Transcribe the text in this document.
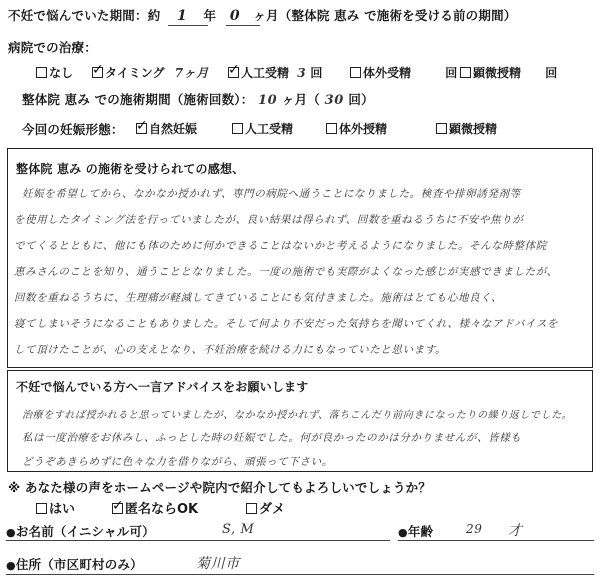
不妊で悩んでいた期間：約 1 年 0 ヶ月（整体院 恵み で施術を受ける前の期間）
病院での治療：
なし ✓	タイミング 7ヶ月 ✓	人工受精 3 回	体外受精	回	顕微授精 回
整体院 恵み での施術期間（施術回数）： 10 ヶ月（ 30 回）
今回の妊娠形態： ✓	自然妊娠	人工受精	体外授精	顕微授精
整体院 恵み の施術を受けられての感想、
妊娠を希望してから、なかなか授かれず、専門の病院へ通うことになりました。検査や排卵誘発剤等
を使用したタイミング法を行っていましたが、良い結果は得られず、回数を重ねるうちに不安や焦りが
でてくるとともに、他にも体のために何かできることはないかと考えるようになりました。そんな時整体院
恵みさんのことを知り、通うこととなりました。一度の施術でも実際がよくなった感じが実感できましたが、
回数を重ねるうちに、生理痛が軽減してきていることにも気付きました。施術はとても心地良く、
寝てしまいそうになることもありました。そして何より不安だった気持ちを聞いてくれ、様々なアドバイスを
して頂けたことが、心の支えとなり、不妊治療を続ける力にもなっていたと思います。
不妊で悩んでいる方へ一言アドバイスをお願いします
治療をすれば授かれると思っていましたが、なかなか授かれず、落ちこんだり前向きになったりの繰り返しでした。
私は一度治療をお休みし、ふっとした時の妊娠でした。何が良かったのかは分かりませんが、皆様も
どうぞあきらめずに色々な力を借りながら、頑張って下さい。
※ あなた様の声をホームページや院内で紹介してもよろしいでしょうか？
はい ✓	匿名ならOK	ダメ
●お名前（イニシャル可）	S, M	●年齢	29 才
●住所（市区町村のみ）	菊川市
